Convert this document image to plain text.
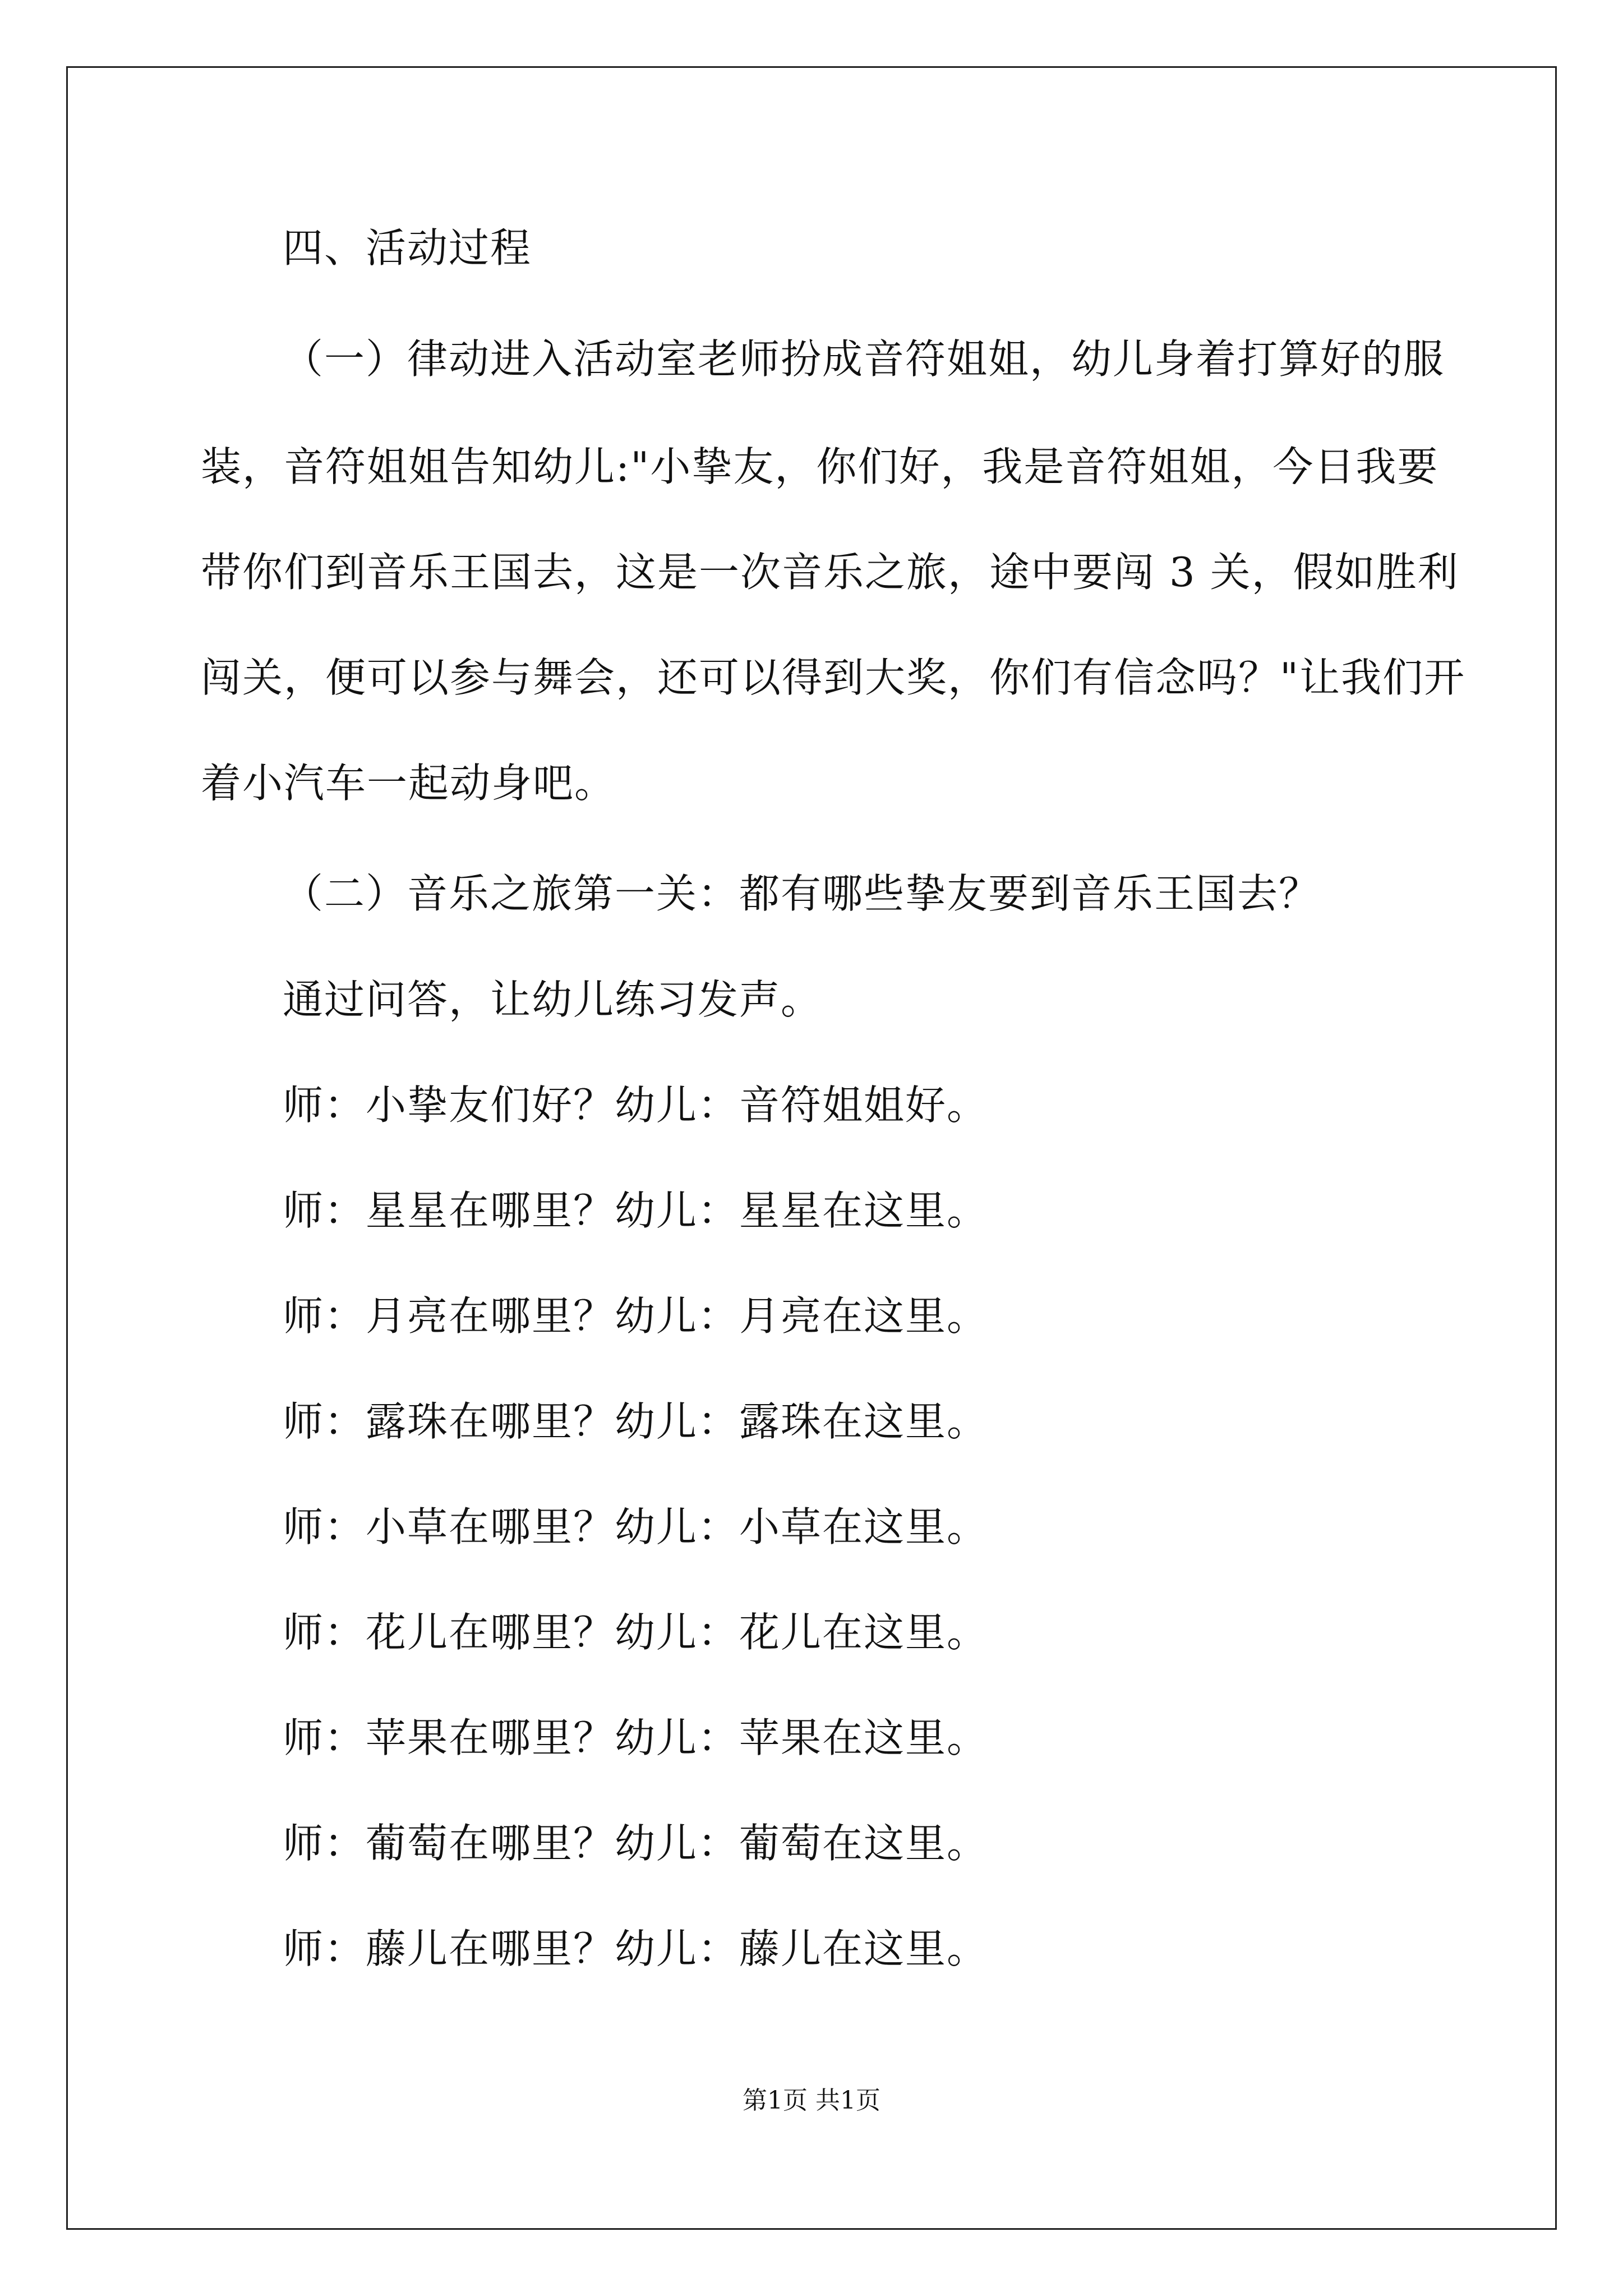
四、活动过程
（一）律动进入活动室老师扮成音符姐姐，幼儿身着打算好的服
装，音符姐姐告知幼儿:"小挚友，你们好，我是音符姐姐，今日我要
带你们到音乐王国去，这是一次音乐之旅，途中要闯 3 关，假如胜利
闯关，便可以参与舞会，还可以得到大奖，你们有信念吗？"让我们开
着小汽车一起动身吧。
（二）音乐之旅第一关：都有哪些挚友要到音乐王国去？
通过问答，让幼儿练习发声。
师：小挚友们好？幼儿：音符姐姐好。
师：星星在哪里？幼儿：星星在这里。
师：月亮在哪里？幼儿：月亮在这里。
师：露珠在哪里？幼儿：露珠在这里。
师：小草在哪里？幼儿：小草在这里。
师：花儿在哪里？幼儿：花儿在这里。
师：苹果在哪里？幼儿：苹果在这里。
师：葡萄在哪里？幼儿：葡萄在这里。
师：藤儿在哪里？幼儿：藤儿在这里。
第1页 共1页
